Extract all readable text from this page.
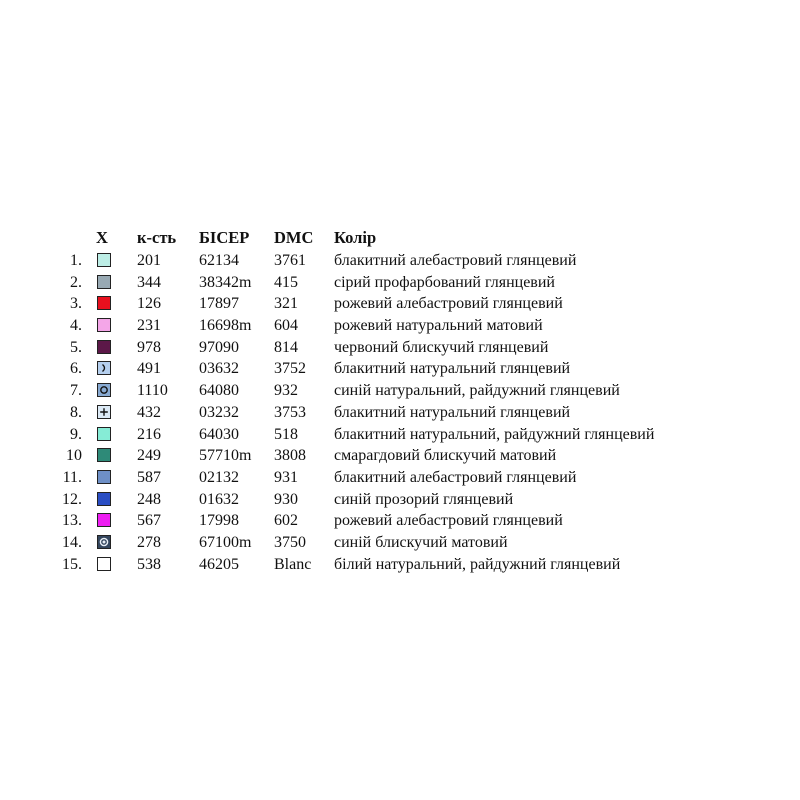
X к-сть БІСЕР DMC Колір
1.	201 62134 3761 блакитний алебастровий глянцевий
2.	344 38342m 415 сірий профарбований глянцевий
3.	126 17897 321 рожевий алебастровий глянцевий
4.	231 16698m 604 рожевий натуральний матовий
5.	978 97090 814 червоний блискучий глянцевий
6.	491 03632 3752 блакитний натуральний глянцевий
7.	1110 64080 932 синій натуральний, райдужний глянцевий
8.	432 03232 3753 блакитний натуральний глянцевий
9.	216 64030 518 блакитний натуральний, райдужний глянцевий
10	249 57710m 3808 смарагдовий блискучий матовий
11.	587 02132 931 блакитний алебастровий глянцевий
12.	248 01632 930 синій прозорий глянцевий
13.	567 17998 602 рожевий алебастровий глянцевий
14.	278 67100m 3750 синій блискучий матовий
15.	538 46205 Blanc білий натуральний, райдужний глянцевий
